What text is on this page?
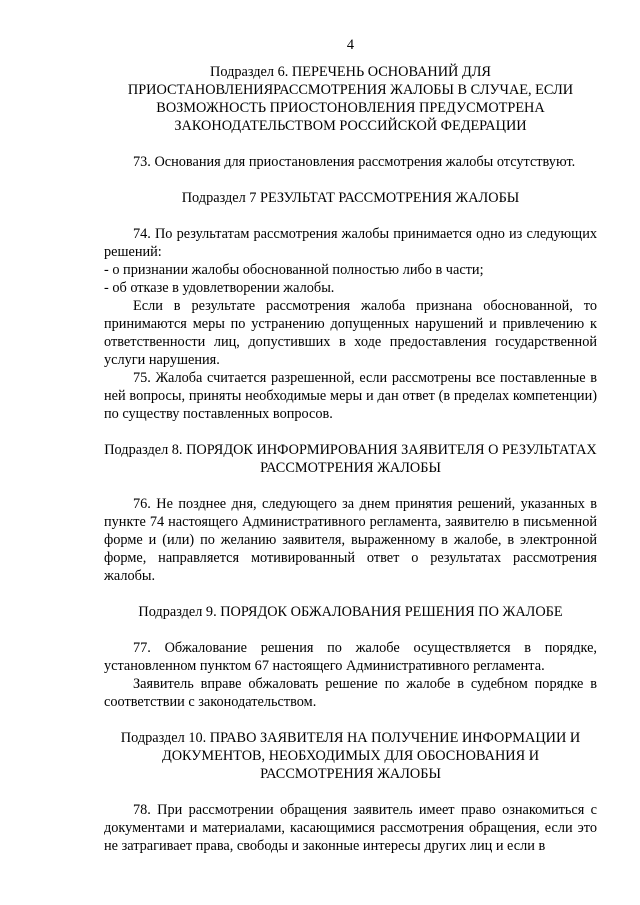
4

Подраздел 6. ПЕРЕЧЕНЬ ОСНОВАНИЙ ДЛЯ ПРИОСТАНОВЛЕНИЯРАССМОТРЕНИЯ ЖАЛОБЫ В СЛУЧАЕ, ЕСЛИ ВОЗМОЖНОСТЬ ПРИОСТОНОВЛЕНИЯ ПРЕДУСМОТРЕНА ЗАКОНОДАТЕЛЬСТВОМ РОССИЙСКОЙ ФЕДЕРАЦИИ

73. Основания для приостановления рассмотрения жалобы отсутствуют.

Подраздел 7 РЕЗУЛЬТАТ РАССМОТРЕНИЯ ЖАЛОБЫ

74. По результатам рассмотрения жалобы принимается одно из следующих решений:

- о признании жалобы обоснованной полностью либо в части;

- об отказе в удовлетворении жалобы.

Если в результате рассмотрения жалоба признана обоснованной, то принимаются меры по устранению допущенных нарушений и привлечению к ответственности лиц, допустивших в ходе предоставления государственной услуги нарушения.

75. Жалоба считается разрешенной, если рассмотрены все поставленные в ней вопросы, приняты необходимые меры и дан ответ (в пределах компетенции) по существу поставленных вопросов.

Подраздел 8. ПОРЯДОК ИНФОРМИРОВАНИЯ ЗАЯВИТЕЛЯ О РЕЗУЛЬТАТАХ РАССМОТРЕНИЯ ЖАЛОБЫ

76. Не позднее дня, следующего за днем принятия решений, указанных в пункте 74 настоящего Административного регламента, заявителю в письменной форме и (или) по желанию заявителя, выраженному в жалобе, в электронной форме, направляется мотивированный ответ о результатах рассмотрения жалобы.

Подраздел 9. ПОРЯДОК ОБЖАЛОВАНИЯ РЕШЕНИЯ ПО ЖАЛОБЕ

77. Обжалование решения по жалобе осуществляется в порядке, установленном пунктом 67 настоящего Административного регламента.

Заявитель вправе обжаловать решение по жалобе в судебном порядке в соответствии с законодательством.

Подраздел 10. ПРАВО ЗАЯВИТЕЛЯ НА ПОЛУЧЕНИЕ ИНФОРМАЦИИ И ДОКУМЕНТОВ, НЕОБХОДИМЫХ ДЛЯ ОБОСНОВАНИЯ И РАССМОТРЕНИЯ ЖАЛОБЫ

78. При рассмотрении обращения заявитель имеет право ознакомиться с документами и материалами, касающимися рассмотрения обращения, если это не затрагивает права, свободы и законные интересы других лиц и если в
